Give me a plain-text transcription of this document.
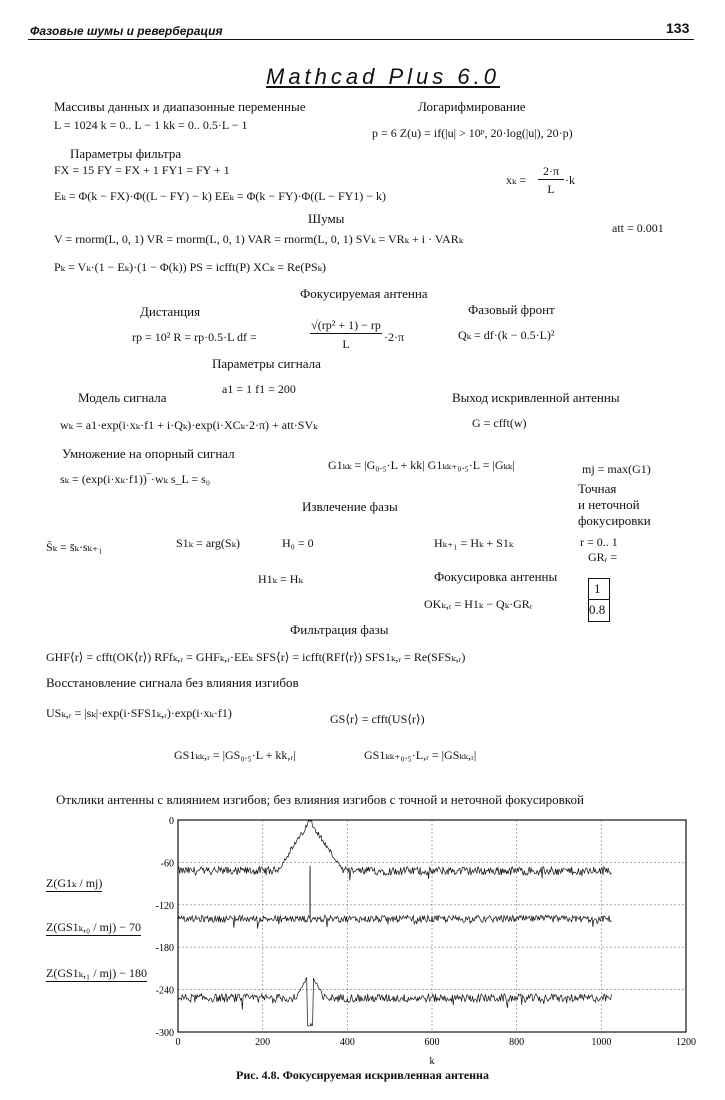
Фазовые шумы и реверберация	133
Mathcad Plus 6.0
Массивы данных и диапазонные переменные	Логарифмирование
L = 1024 k = 0.. L − 1 kk = 0.. 0.5·L − 1
p = 6 Z(u) = if(|u| > 10ᵖ, 20·log(|u|), 20·p)
Параметры фильтра
FX = 15 FY = FX + 1 FY1 = FY + 1
xₖ =
2·π
L
·k
Eₖ = Φ(k − FX)·Φ((L − FY) − k) EEₖ = Φ(k − FY)·Φ((L − FY1) − k)
Шумы
att = 0.001
V = rnorm(L, 0, 1) VR = rnorm(L, 0, 1) VAR = rnorm(L, 0, 1) SVₖ = VRₖ + i · VARₖ
Pₖ = Vₖ·(1 − Eₖ)·(1 − Φ(k)) PS = icfft(P) XCₖ = Re(PSₖ)
Фокусируемая антенна
Дистанция	Фазовый фронт
rp = 10² R = rp·0.5·L df =
√(rp² + 1) − rp
L	·2·π	Qₖ = df·(k − 0.5·L)²
Параметры сигнала
a1 = 1 f1 = 200
Модель сигнала	Выход искривленной антенны
wₖ = a1·exp(i·xₖ·f1 + i·Qₖ)·exp(i·XCₖ·2·π) + att·SVₖ	G = cfft(w)
Умножение на опорный сигнал
G1ₖₖ = |G₀.₅·L + kk| G1ₖₖ₊₀.₅·L = |Gₖₖ|	mj = max(G1)
sₖ = (exp(i·xₖ·f1))‾·wₖ s_L = s₀
Точная
и неточной
фокусировки
Извлечение фазы
r = 0.. 1
GRᵣ =
S̄ₖ = s̄ₖ·sₖ₊₁	S1ₖ = arg(Sₖ)	H₀ = 0	Hₖ₊₁ = Hₖ + S1ₖ
H1ₖ = Hₖ	Фокусировка антенны
1
0.8
OKₖ,ᵣ = H1ₖ − Qₖ·GRᵣ
Фильтрация фазы
GHF⟨r⟩ = cfft(OK⟨r⟩) RFfₖ,ᵣ = GHFₖ,ᵣ·EEₖ SFS⟨r⟩ = icfft(RFf⟨r⟩) SFS1ₖ,ᵣ = Re(SFSₖ,ᵣ)
Восстановление сигнала без влияния изгибов
USₖ,ᵣ = |sₖ|·exp(i·SFS1ₖ,ᵣ)·exp(i·xₖ·f1)	GS⟨r⟩ = cfft(US⟨r⟩)
GS1ₖₖ,ᵣ = |GS₀.₅·L + kk,ᵣ|	GS1ₖₖ₊₀.₅·L,ᵣ = |GSₖₖ,ᵣ|
Отклики антенны с влиянием изгибов; без влияния изгибов с точной и неточной фокусировкой
Z(G1ₖ / mj)
Z(GS1ₖ,₀ / mj) − 70
Z(GS1ₖ,₁ / mj) − 180
0
-60
-120
-180
-240
-300
0	200	400	600	800	1000	1200
k
Рис. 4.8. Фокусируемая искривленная антенна
